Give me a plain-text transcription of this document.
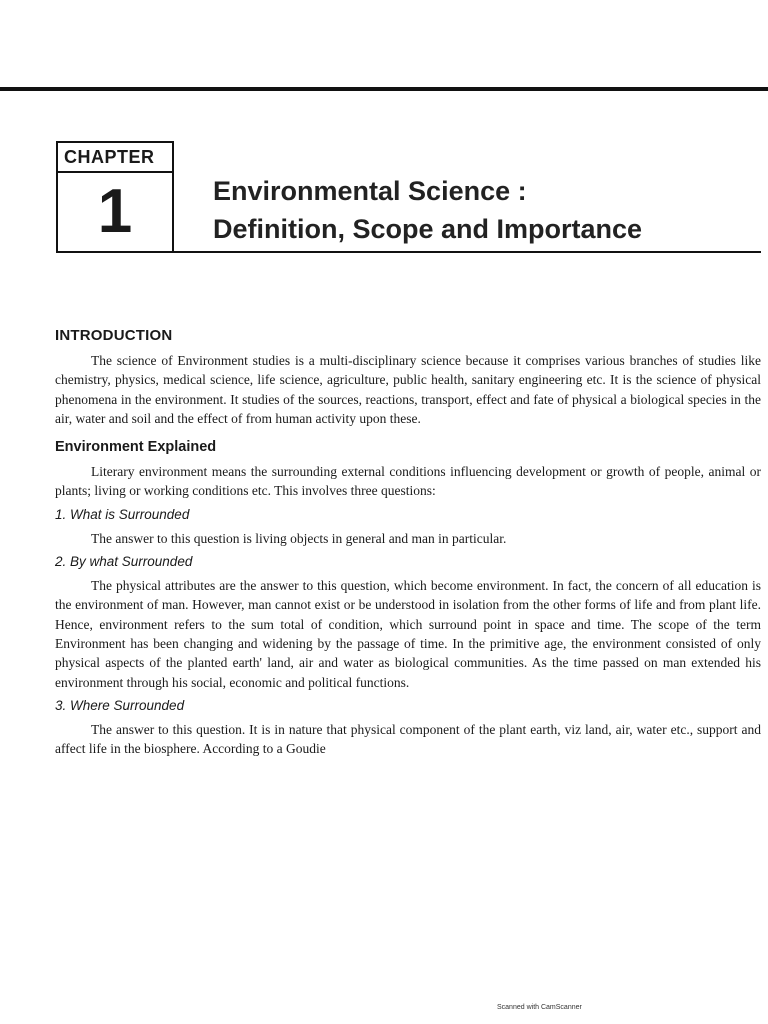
CHAPTER
1	Environmental Science :
Definition, Scope and Importance
INTRODUCTION

The science of Environment studies is a multi-disciplinary science because it comprises various branches of studies like chemistry, physics, medical science, life science, agriculture, public health, sanitary engineering etc. It is the science of physical phenomena in the environment. It studies of the sources, reactions, transport, effect and fate of physical a biological species in the air, water and soil and the effect of from human activity upon these.

Environment Explained

Literary environment means the surrounding external conditions influencing development or growth of people, animal or plants; living or working conditions etc. This involves three questions:

1. What is Surrounded

The answer to this question is living objects in general and man in particular.

2. By what Surrounded

The physical attributes are the answer to this question, which become environment. In fact, the concern of all education is the environment of man. However, man cannot exist or be understood in isolation from the other forms of life and from plant life. Hence, environment refers to the sum total of condition, which surround point in space and time. The scope of the term Environment has been changing and widening by the passage of time. In the primitive age, the environment consisted of only physical aspects of the planted earth' land, air and water as biological communities. As the time passed on man extended his environment through his social, economic and political functions.

3. Where Surrounded

The answer to this question. It is in nature that physical component of the plant earth, viz land, air, water etc., support and affect life in the biosphere. According to a Goudie

Scanned with CamScanner
